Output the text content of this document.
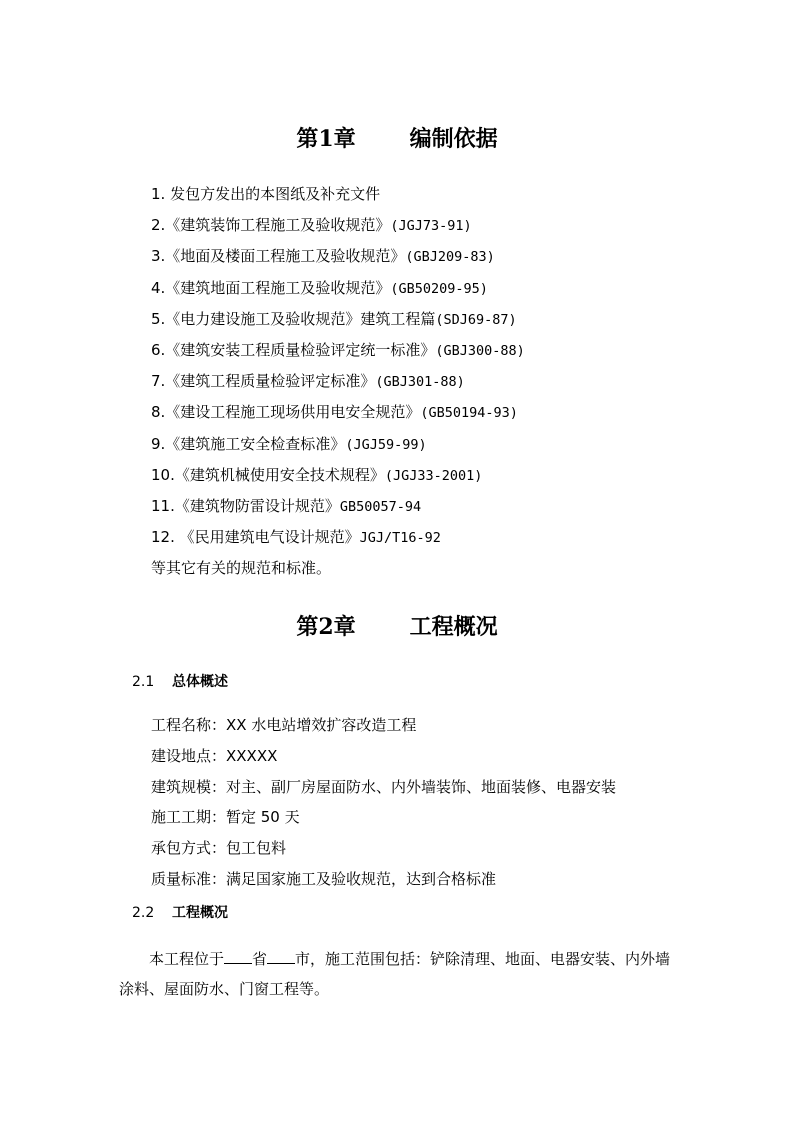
第1章 编制依据
1. 发包方发出的本图纸及补充文件
2.《建筑装饰工程施工及验收规范》(JGJ73-91)
3.《地面及楼面工程施工及验收规范》(GBJ209-83)
4.《建筑地面工程施工及验收规范》(GB50209-95)
5.《电力建设施工及验收规范》建筑工程篇(SDJ69-87)
6.《建筑安装工程质量检验评定统一标准》(GBJ300-88)
7.《建筑工程质量检验评定标准》(GBJ301-88)
8.《建设工程施工现场供用电安全规范》(GB50194-93)
9.《建筑施工安全检查标准》(JGJ59-99)
10.《建筑机械使用安全技术规程》(JGJ33-2001)
11.《建筑物防雷设计规范》GB50057-94
12. 《民用建筑电气设计规范》JGJ/T16-92
等其它有关的规范和标准。
第2章 工程概况
2.1 总体概述
工程名称：XX 水电站增效扩容改造工程
建设地点：XXXXX
建筑规模：对主、副厂房屋面防水、内外墙装饰、地面装修、电器安装
施工工期：暂定 50 天
承包方式：包工包料
质量标准：满足国家施工及验收规范，达到合格标准
2.2 工程概况
本工程位于 省 市，施工范围包括：铲除清理、地面、电器安装、内外墙涂料、屋面防水、门窗工程等。
